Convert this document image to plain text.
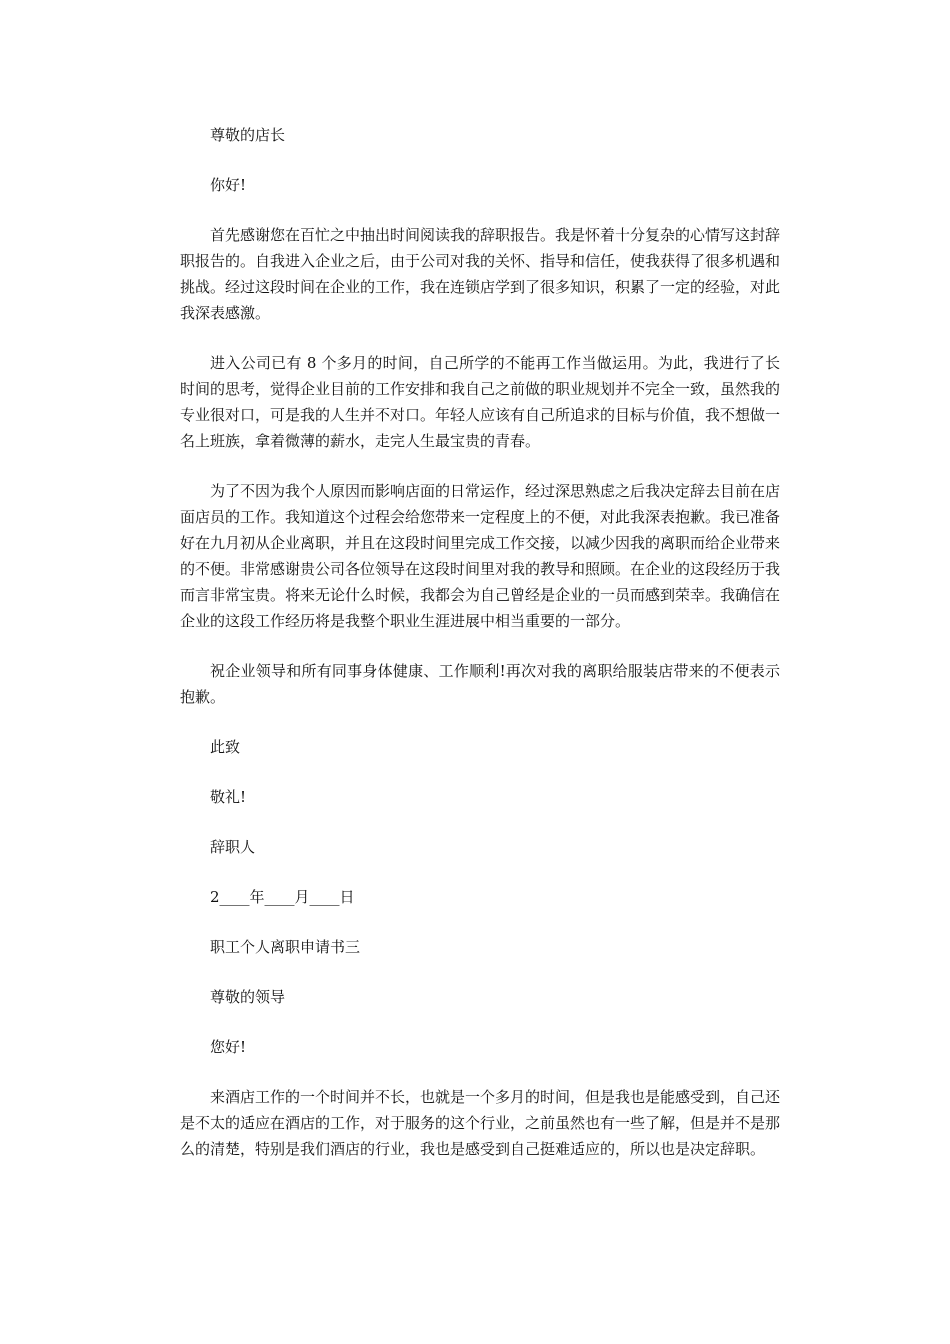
尊敬的店长

你好!

首先感谢您在百忙之中抽出时间阅读我的辞职报告。我是怀着十分复杂的心情写这封辞职报告的。自我进入企业之后，由于公司对我的关怀、指导和信任，使我获得了很多机遇和挑战。经过这段时间在企业的工作，我在连锁店学到了很多知识，积累了一定的经验，对此我深表感激。

进入公司已有 8 个多月的时间，自己所学的不能再工作当做运用。为此，我进行了长时间的思考，觉得企业目前的工作安排和我自己之前做的职业规划并不完全一致，虽然我的专业很对口，可是我的人生并不对口。年轻人应该有自己所追求的目标与价值，我不想做一名上班族，拿着微薄的薪水，走完人生最宝贵的青春。

为了不因为我个人原因而影响店面的日常运作，经过深思熟虑之后我决定辞去目前在店面店员的工作。我知道这个过程会给您带来一定程度上的不便，对此我深表抱歉。我已准备好在九月初从企业离职，并且在这段时间里完成工作交接，以减少因我的离职而给企业带来的不便。非常感谢贵公司各位领导在这段时间里对我的教导和照顾。在企业的这段经历于我而言非常宝贵。将来无论什么时候，我都会为自己曾经是企业的一员而感到荣幸。我确信在企业的这段工作经历将是我整个职业生涯进展中相当重要的一部分。

祝企业领导和所有同事身体健康、工作顺利!再次对我的离职给服装店带来的不便表示抱歉。

此致

敬礼!

辞职人

2____年____月____日

职工个人离职申请书三

尊敬的领导

您好!

来酒店工作的一个时间并不长，也就是一个多月的时间，但是我也是能感受到，自己还是不太的适应在酒店的工作，对于服务的这个行业，之前虽然也有一些了解，但是并不是那么的清楚，特别是我们酒店的行业，我也是感受到自己挺难适应的，所以也是决定辞职。
